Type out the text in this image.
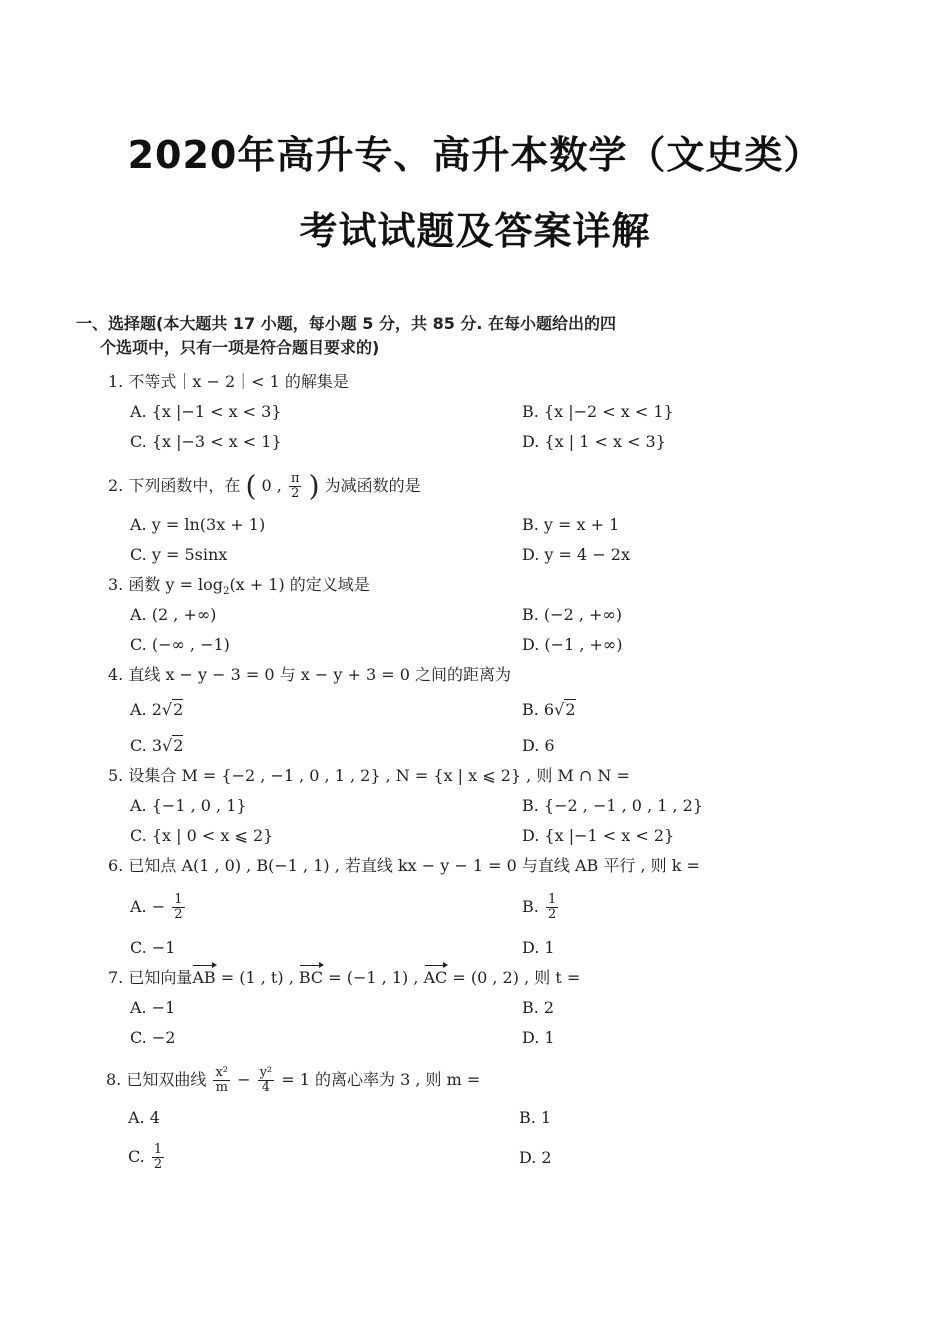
2020年高升专、高升本数学（文史类）
考试试题及答案详解
一、选择题(本大题共 17 小题，每小题 5 分，共 85 分. 在每小题给出的四
个选项中，只有一项是符合题目要求的)
1. 不等式｜x − 2｜< 1 的解集是
A. {x |−1 < x < 3}	B. {x |−2 < x < 1}
C. {x |−3 < x < 1}	D. {x | 1 < x < 3}
2. 下列函数中，在 ( 0 , $\frac{\pi}{2}$ ) 为减函数的是
A. y = ln(3x + 1)	B. y = x + 1
C. y = 5sinx	D. y = 4 − 2x
3. 函数 $y = \log_2(x + 1)$ 的定义域是
A. (2 , +∞)	B. (−2 , +∞)
C. (−∞ , −1)	D. (−1 , +∞)
4. 直线 x − y − 3 = 0 与 x − y + 3 = 0 之间的距离为
A. 2√2	B. 6√2
C. 3√2	D. 6
5. 设集合 M = {−2 , −1 , 0 , 1 , 2} , N = {x | x ⩽ 2} , 则 M ∩ N =
A. {−1 , 0 , 1}	B. {−2 , −1 , 0 , 1 , 2}
C. {x | 0 < x ⩽ 2}	D. {x |−1 < x < 2}
6. 已知点 A(1 , 0) , B(−1 , 1) , 若直线 kx − y − 1 = 0 与直线 AB 平行 , 则 k =
A. − $\frac{1}{2}$	B. $\frac{1}{2}$
C. −1	D. 1
7. 已知向量AB = (1 , t) , BC = (−1 , 1) , AC = (0 , 2) , 则 t =
A. −1	B. 2
C. −2	D. 1
8. 已知双曲线 $\frac{\text{x²}}{m} - \frac{\text{y²}}{4} = 1$ 的离心率为 3 , 则 m =
A. 4	B. 1
C. $\frac{1}{2}$	D. 2
